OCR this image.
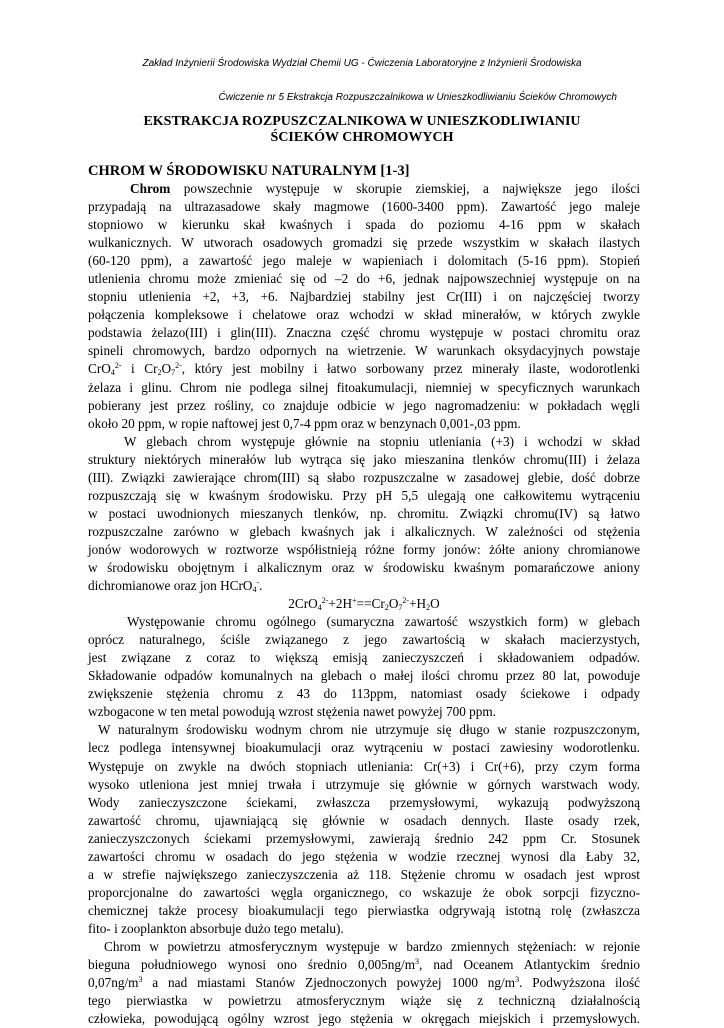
Zakład Inżynierii Środowiska Wydział Chemii UG - Ćwiczenia Laboratoryjne z Inżynierii Środowiska
Ćwiczenie nr 5 Ekstrakcja Rozpuszczalnikowa w Unieszkodliwianiu Ścieków Chromowych
EKSTRAKCJA ROZPUSZCZALNIKOWA W UNIESZKODLIWIANIU
ŚCIEKÓW CHROMOWYCH
CHROM W ŚRODOWISKU NATURALNYM [1-3]
Chrom powszechnie występuje w skorupie ziemskiej, a największe jego ilości
przypadają na ultrazasadowe skały magmowe (1600-3400 ppm). Zawartość jego maleje
stopniowo w kierunku skał kwaśnych i spada do poziomu 4-16 ppm w skałach
wulkanicznych. W utworach osadowych gromadzi się przede wszystkim w skałach ilastych
(60-120 ppm), a zawartość jego maleje w wapieniach i dolomitach (5-16 ppm). Stopień
utlenienia chromu może zmieniać się od –2 do +6, jednak najpowszechniej występuje on na
stopniu utlenienia +2, +3, +6. Najbardziej stabilny jest Cr(III) i on najczęściej tworzy
połączenia kompleksowe i chelatowe oraz wchodzi w skład minerałów, w których zwykle
podstawia żelazo(III) i glin(III). Znaczna część chromu występuje w postaci chromitu oraz
spineli chromowych, bardzo odpornych na wietrzenie. W warunkach oksydacyjnych powstaje
CrO$_4^{2-}$ i $Cr_2O_7^{2-}$, który jest mobilny i łatwo sorbowany przez minerały ilaste, wodorotlenki
żelaza i glinu. Chrom nie podlega silnej fitoakumulacji, niemniej w specyficznych warunkach
pobierany jest przez rośliny, co znajduje odbicie w jego nagromadzeniu: w pokładach węgli
około 20 ppm, w ropie naftowej jest 0,7-4 ppm oraz w benzynach 0,001-,03 ppm.
W glebach chrom występuje głównie na stopniu utleniania (+3) i wchodzi w skład
struktury niektórych minerałów lub wytrąca się jako mieszanina tlenków chromu(III) i żelaza
(III). Związki zawierające chrom(III) są słabo rozpuszczalne w zasadowej glebie, dość dobrze
rozpuszczają się w kwaśnym środowisku. Przy pH 5,5 ulegają one całkowitemu wytrąceniu
w postaci uwodnionych mieszanych tlenków, np. chromitu. Związki chromu(IV) są łatwo
rozpuszczalne zarówno w glebach kwaśnych jak i alkalicznych. W zależności od stężenia
jonów wodorowych w roztworze współistnieją różne formy jonów: żółte aniony chromianowe
w środowisku obojętnym i alkalicznym oraz w środowisku kwaśnym pomarańczowe aniony
dichromianowe oraz jon HCrO$_4$-.
$2CrO_4^{2-}+2H^+==Cr_2O_7^{2-}+H_2O$
Występowanie chromu ogólnego (sumaryczna zawartość wszystkich form) w glebach
oprócz naturalnego, ściśle związanego z jego zawartością w skałach macierzystych,
jest związane z coraz to większą emisją zanieczyszczeń i składowaniem odpadów.
Składowanie odpadów komunalnych na glebach o małej ilości chromu przez 80 lat, powoduje
zwiększenie stężenia chromu z 43 do 113ppm, natomiast osady ściekowe i odpady
wzbogacone w ten metal powodują wzrost stężenia nawet powyżej 700 ppm.
W naturalnym środowisku wodnym chrom nie utrzymuje się długo w stanie rozpuszczonym,
lecz podlega intensywnej bioakumulacji oraz wytrąceniu w postaci zawiesiny wodorotlenku.
Występuje on zwykle na dwóch stopniach utleniania: Cr(+3) i Cr(+6), przy czym forma
wysoko utleniona jest mniej trwała i utrzymuje się głównie w górnych warstwach wody.
Wody zanieczyszczone ściekami, zwłaszcza przemysłowymi, wykazują podwyższoną
zawartość chromu, ujawniającą się głównie w osadach dennych. Ilaste osady rzek,
zanieczyszczonych ściekami przemysłowymi, zawierają średnio 242 ppm Cr. Stosunek
zawartości chromu w osadach do jego stężenia w wodzie rzecznej wynosi dla Łaby 32,
a w strefie największego zanieczyszczenia aż 118. Stężenie chromu w osadach jest wprost
proporcjonalne do zawartości węgla organicznego, co wskazuje że obok sorpcji fizyczno-
chemicznej także procesy bioakumulacji tego pierwiastka odgrywają istotną rolę (zwłaszcza
fito- i zooplankton absorbuje dużo tego metalu).
Chrom w powietrzu atmosferycznym występuje w bardzo zmiennych stężeniach: w rejonie
bieguna południowego wynosi ono średnio $0,005ng/m^3$, nad Oceanem Atlantyckim średnio
$0,07ng/m^3$ a nad miastami Stanów Zjednoczonych powyżej 1000 $ng/m^3$. Podwyższona ilość
tego pierwiastka w powietrzu atmosferycznym wiąże się z techniczną działalnością
człowieka, powodującą ogólny wzrost jego stężenia w okręgach miejskich i przemysłowych.
